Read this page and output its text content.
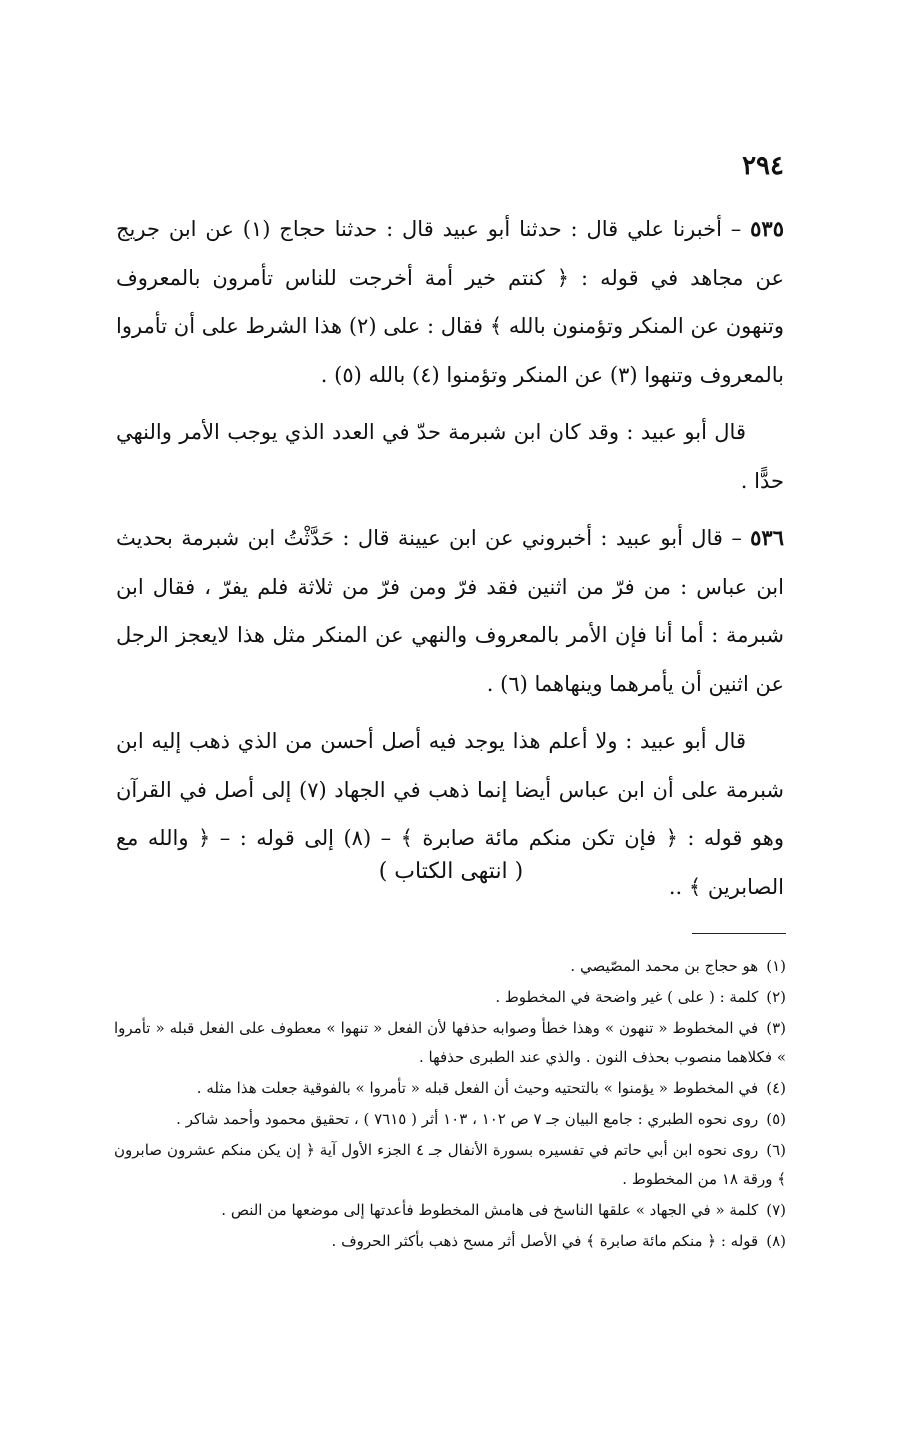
٢٩٤

٥٣٥ – أخبرنا علي قال : حدثنا أبو عبيد قال : حدثنا حجاج (١) عن ابن جريج عن مجاهد في قوله : ﴿ كنتم خير أمة أخرجت للناس تأمرون بالمعروف وتنهون عن المنكر وتؤمنون بالله ﴾ فقال : على (٢) هذا الشرط على أن تأمروا بالمعروف وتنهوا (٣) عن المنكر وتؤمنوا (٤) بالله (٥) .

قال أبو عبيد : وقد كان ابن شبرمة حدّ في العدد الذي يوجب الأمر والنهي حدًّا .

٥٣٦ – قال أبو عبيد : أخبروني عن ابن عيينة قال : حَدَّثْتُ ابن شبرمة بحديث ابن عباس : من فرّ من اثنين فقد فرّ ومن فرّ من ثلاثة فلم يفرّ ، فقال ابن شبرمة : أما أنا فإن الأمر بالمعروف والنهي عن المنكر مثل هذا لايعجز الرجل عن اثنين أن يأمرهما وينهاهما (٦) .

قال أبو عبيد : ولا أعلم هذا يوجد فيه أصل أحسن من الذي ذهب إليه ابن شبرمة على أن ابن عباس أيضا إنما ذهب في الجهاد (٧) إلى أصل في القرآن وهو قوله : ﴿ فإن تكن منكم مائة صابرة ﴾ – (٨) إلى قوله : – ﴿ والله مع الصابرين ﴾ ..

( انتهى الكتاب )

(١)هو حجاج بن محمد المصّيصي .

(٢)كلمة : ( على ) غير واضحة في المخطوط .

(٣)في المخطوط « تنهون » وهذا خطأ وصوابه حذفها لأن الفعل « تنهوا » معطوف على الفعل قبله « تأمروا » فكلاهما منصوب بحذف النون . والذي عند الطبرى حذفها .

(٤)في المخطوط « يؤمنوا » بالتحتيه وحيث أن الفعل قبله « تأمروا » بالفوقية جعلت هذا مثله .

(٥)روى نحوه الطبري : جامع البيان جـ ٧ ص ١٠٢ ، ١٠٣ أثر ( ٧٦١٥ ) ، تحقيق محمود وأحمد شاكر .

(٦)روى نحوه ابن أبي حاتم في تفسيره بسورة الأنفال جـ ٤ الجزء الأول آية ﴿ إن يكن منكم عشرون صابرون ﴾ ورقة ١٨ من المخطوط .

(٧)كلمة « في الجهاد » علقها الناسخ فى هامش المخطوط فأعدتها إلى موضعها من النص .

(٨)قوله : ﴿ منكم مائة صابرة ﴾ في الأصل أثر مسح ذهب بأكثر الحروف .
